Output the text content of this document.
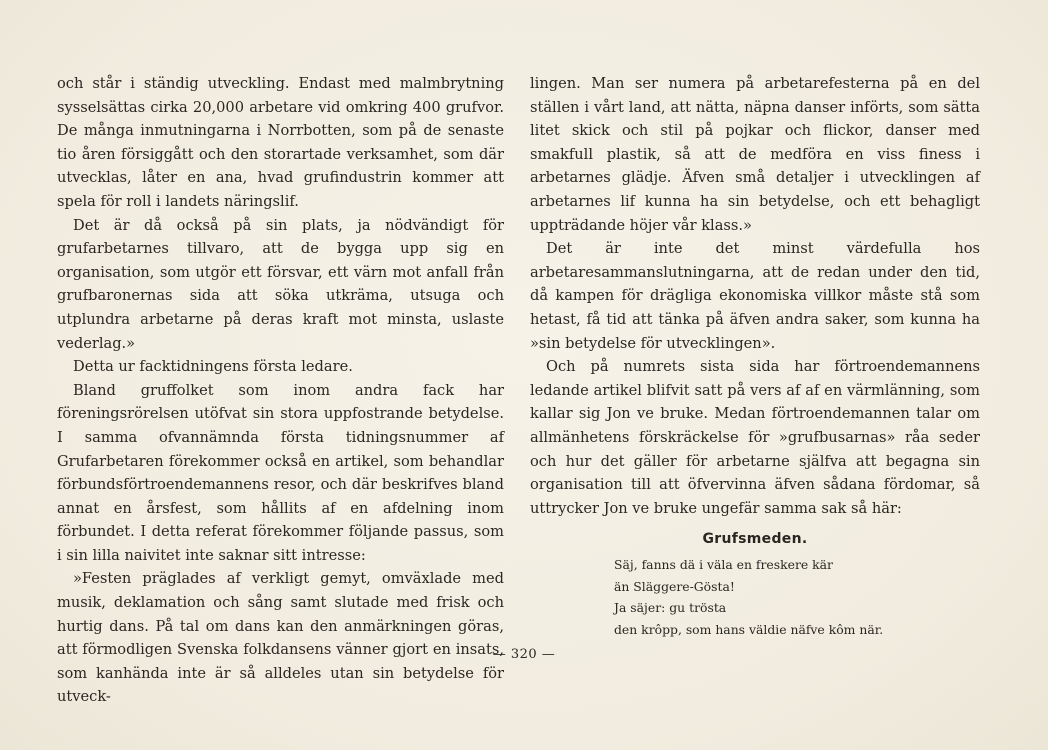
och står i ständig utveckling. Endast med malmbrytning sysselsättas cirka 20,000 arbetare vid omkring 400 grufvor. De många inmutningarna i Norrbotten, som på de senaste tio åren försiggått och den storartade verksamhet, som där utvecklas, låter en ana, hvad grufindustrin kommer att spela för roll i landets näringslif.

Det är då också på sin plats, ja nödvändigt för grufarbetarnes tillvaro, att de bygga upp sig en organisation, som utgör ett försvar, ett värn mot anfall från grufbaronernas sida att söka utkräma, utsuga och utplundra arbetarne på deras kraft mot minsta, uslaste vederlag.»

Detta ur facktidningens första ledare.

Bland gruffolket som inom andra fack har föreningsrörelsen utöfvat sin stora uppfostrande betydelse. I samma ofvannämnda första tidningsnummer af Grufarbetaren förekommer också en artikel, som behandlar förbundsförtroendemannens resor, och där beskrifves bland annat en årsfest, som hållits af en afdelning inom förbundet. I detta referat förekommer följande passus, som i sin lilla naivitet inte saknar sitt intresse:

»Festen präglades af verkligt gemyt, omväxlade med musik, deklamation och sång samt slutade med frisk och hurtig dans. På tal om dans kan den anmärkningen göras, att förmodligen Svenska folkdansens vänner gjort en insats, som kanhända inte är så alldeles utan sin betydelse för utveck-

lingen. Man ser numera på arbetarefesterna på en del ställen i vårt land, att nätta, näpna danser införts, som sätta litet skick och stil på pojkar och flickor, danser med smakfull plastik, så att de medföra en viss finess i arbetarnes glädje. Äfven små detaljer i utvecklingen af arbetarnes lif kunna ha sin betydelse, och ett behagligt uppträdande höjer vår klass.»

Det är inte det minst värdefulla hos arbetaresammanslutningarna, att de redan under den tid, då kampen för drägliga ekonomiska villkor måste stå som hetast, få tid att tänka på äfven andra saker, som kunna ha »sin betydelse för utvecklingen».

Och på numrets sista sida har förtroendemannens ledande artikel blifvit satt på vers af af en värmlänning, som kallar sig Jon ve bruke. Medan förtroendemannen talar om allmänhetens förskräckelse för »grufbusarnas» råa seder och hur det gäller för arbetarne själfva att begagna sin organisation till att öfvervinna äfven sådana fördomar, så uttrycker Jon ve bruke ungefär samma sak så här:

Grufsmeden.
Säj, fanns dä i väla en freskere kär
än Släggere-Gösta!
Ja säjer: gu trösta
den krôpp, som hans väldie näfve kôm när.
— 320 —
